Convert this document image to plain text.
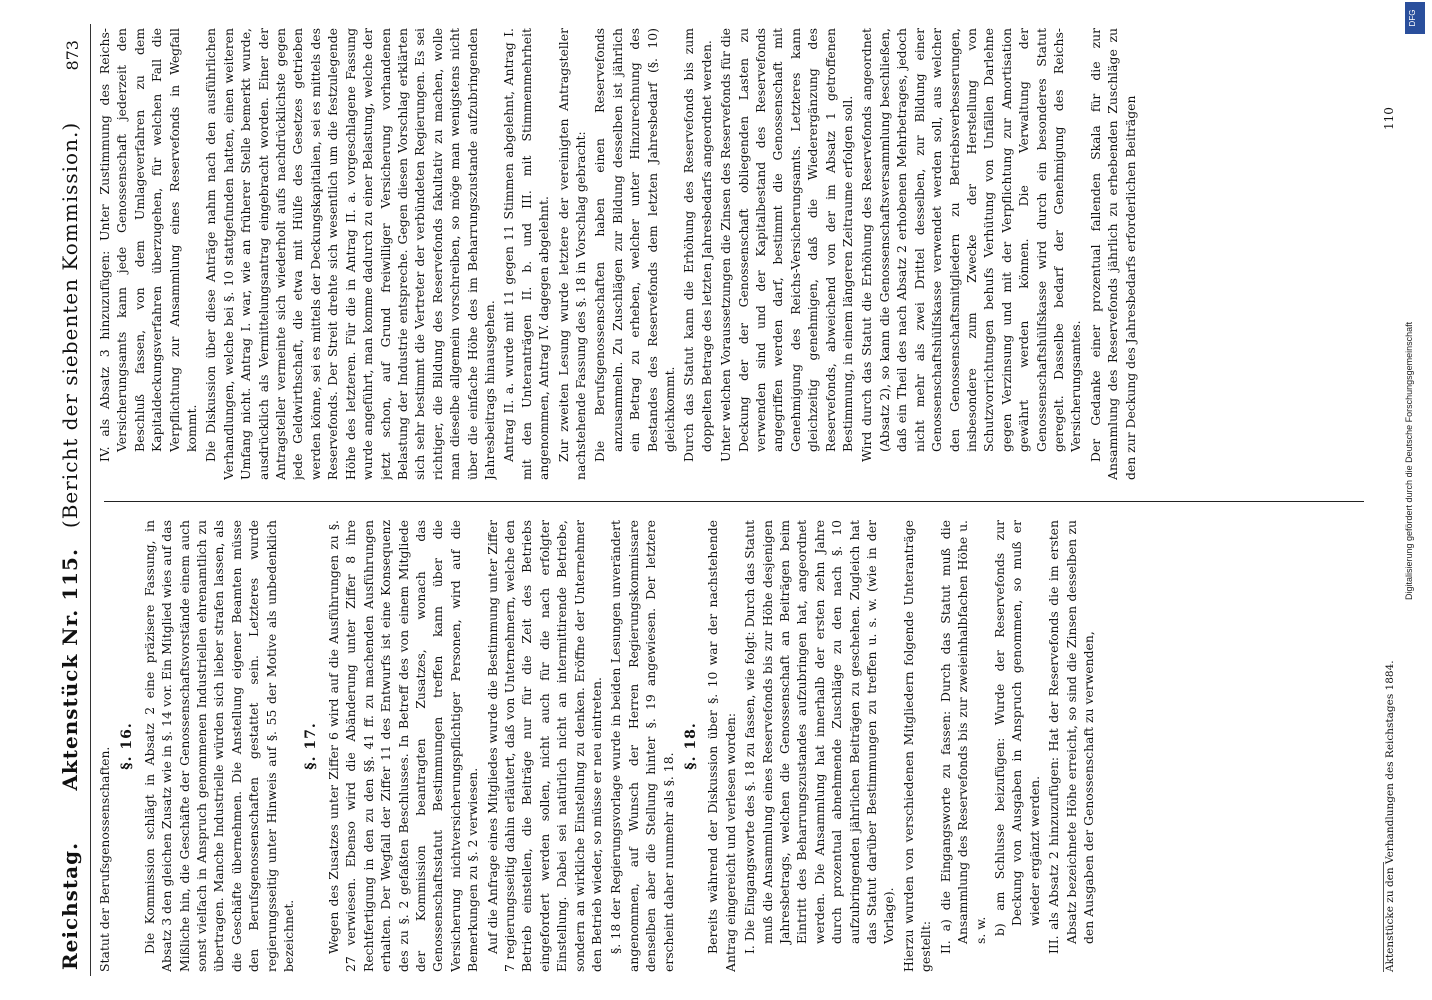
Reichstag.
Aktenstück Nr. 115. (Bericht der siebenten Kommission.)
873

Statut der Berufsgenossenschaften.

§. 16. Die Kommission schlägt in Absatz 2 eine präzisere Fassung, in Absatz 3 den gleichen Zusatz wie in §. 14 vor. Ein Mitglied wies auf das Mißliche hin, die Geschäfte der Genossenschaftsvorstände einem auch sonst vielfach in Anspruch genommenen Industriellen ehrenamtlich zu übertragen. Manche Industrielle würden sich lieber strafen lassen, als die Geschäfte übernehmen. Die Anstellung eigener Beamten müsse den Berufsgenossenschaften gestattet sein. Letzteres wurde regierungsseitig unter Hinweis auf §. 55 der Motive als unbedenklich bezeichnet.

§. 17. Wegen des Zusatzes unter Ziffer 6 wird auf die Ausführungen zu §. 27 verwiesen. Ebenso wird die Abänderung unter Ziffer 8 ihre Rechtfertigung in den zu den §§. 41 ff. zu machenden Ausführungen erhalten. Der Wegfall der Ziffer 11 des Entwurfs ist eine Konsequenz des zu §. 2 gefaßten Beschlusses. In Betreff des von einem Mitgliede der Kommission beantragten Zusatzes, wonach das Genossenschaftsstatut Bestimmungen treffen kann über die Versicherung nichtversicherungspflichtiger Personen, wird auf die Bemerkungen zu §. 2 verwiesen. Auf die Anfrage eines Mitgliedes wurde die Bestimmung unter Ziffer 7 regierungsseitig dahin erläutert, daß von Unternehmern, welche den Betrieb einstellen, die Beiträge nur für die Zeit des Betriebs eingefordert werden sollen, nicht auch für die nach erfolgter Einstellung. Dabei sei natürlich nicht an intermittirende Betriebe, sondern an wirkliche Einstellung zu denken. Eröffne der Unternehmer den Betrieb wieder, so müsse er neu eintreten. §. 18 der Regierungsvorlage wurde in beiden Lesungen unverändert angenommen, auf Wunsch der Herren Regierungskommissare denselben aber die Stellung hinter §. 19 angewiesen. Der letztere erscheint daher nunmehr als §. 18.

§. 18. Bereits während der Diskussion über §. 10 war der nachstehende Antrag eingereicht und verlesen worden: I. Die Eingangsworte des §. 18 zu fassen, wie folgt: Durch das Statut muß die Ansammlung eines Reservefonds bis zur Höhe desjenigen Jahresbetrags, welchen die Genossenschaft an Beiträgen beim Eintritt des Beharrungszustandes aufzubringen hat, angeordnet werden. Die Ansammlung hat innerhalb der ersten zehn Jahre durch prozentual abnehmende Zuschläge zu den nach §. 10 aufzubringenden jährlichen Beiträgen zu geschehen. Zugleich hat das Statut darüber Bestimmungen zu treffen u. s. w. (wie in der Vorlage). Hierzu wurden von verschiedenen Mitgliedern folgende Unteranträge gestellt: II. a) die Eingangsworte zu fassen: Durch das Statut muß die Ansammlung des Reservefonds bis zur zweieinhalbfachen Höhe u. s. w. b) am Schlusse beizufügen: Wurde der Reservefonds zur Deckung von Ausgaben in Anspruch genommen, so muß er wieder ergänzt werden. III. als Absatz 2 hinzuzufügen: Hat der Reservefonds die im ersten Absatz bezeichnete Höhe erreicht, so sind die Zinsen desselben zu den Ausgaben der Genossenschaft zu verwenden,

IV. als Absatz 3 hinzuzufügen: Unter Zustimmung des Reichs-Versicherungsamts kann jede Genossenschaft jederzeit den Beschluß fassen, von dem Umlageverfahren zu dem Kapitaldeckungsverfahren überzugehen, für welchen Fall die Verpflichtung zur Ansammlung eines Reservefonds in Wegfall kommt. Die Diskussion über diese Anträge nahm nach den ausführlichen Verhandlungen, welche bei §. 10 stattgefunden hatten, einen weiteren Umfang nicht. Antrag I. war, wie an früherer Stelle bemerkt wurde, ausdrücklich als Vermittelungsantrag eingebracht worden. Einer der Antragsteller vermeinte sich wiederholt aufs nachdrücklichste gegen jede Geldwirthschaft, die etwa mit Hülfe des Gesetzes getrieben werden könne, sei es mittels der Deckungskapitalien, sei es mittels des Reservefonds. Der Streit drehte sich wesentlich um die festzulegende Höhe des letzteren. Für die in Antrag II. a. vorgeschlagene Fassung wurde angeführt, man komme dadurch zu einer Belastung, welche der jetzt schon, auf Grund freiwilliger Versicherung vorhandenen Belastung der Industrie entspreche. Gegen diesen Vorschlag erklärten sich sehr bestimmt die Vertreter der verbündeten Regierungen. Es sei richtiger, die Bildung des Reservefonds fakultativ zu machen, wolle man dieselbe allgemein vorschreiben, so möge man wenigstens nicht über die einfache Höhe des im Beharrungszustande aufzubringenden Jahresbeitrags hinausgehen. Antrag II. a. wurde mit 11 gegen 11 Stimmen abgelehnt, Antrag I. mit den Unteranträgen II. b. und III. mit Stimmenmehrheit angenommen, Antrag IV. dagegen abgelehnt. Zur zweiten Lesung wurde letztere der vereinigten Antragsteller nachstehende Fassung des §. 18 in Vorschlag gebracht: Die Berufsgenossenschaften haben einen Reservefonds anzusammeln. Zu Zuschlägen zur Bildung desselben ist jährlich ein Betrag zu erheben, welcher unter Hinzurechnung des Bestandes des Reservefonds dem letzten Jahresbedarf (§. 10) gleichkommt. Durch das Statut kann die Erhöhung des Reservefonds bis zum doppelten Betrage des letzten Jahresbedarfs angeordnet werden. Unter welchen Voraussetzungen die Zinsen des Reservefonds für die Deckung der der Genossenschaft obliegenden Lasten zu verwenden sind und der Kapitalbestand des Reservefonds angegriffen werden darf, bestimmt die Genossenschaft mit Genehmigung des Reichs-Versicherungsamts. Letzteres kann gleichzeitig genehmigen, daß die Wiederergänzung des Reservefonds, abweichend von der im Absatz 1 getroffenen Bestimmung, in einem längeren Zeitraume erfolgen soll. Wird durch das Statut die Erhöhung des Reservefonds angeordnet (Absatz 2), so kann die Genossenschaftsversammlung beschließen, daß ein Theil des nach Absatz 2 erhobenen Mehrbetrages, jedoch nicht mehr als zwei Drittel desselben, zur Bildung einer Genossenschaftshülfskasse verwendet werden soll, aus welcher den Genossenschaftsmitgliedern zu Betriebsverbesserungen, insbesondere zum Zwecke der Herstellung von Schutzvorrichtungen behufs Verhütung von Unfällen Darlehne gegen Verzinsung und mit der Verpflichtung zur Amortisation gewährt werden können. Die Verwaltung der Genossenschaftshülfskasse wird durch ein besonderes Statut geregelt. Dasselbe bedarf der Genehmigung des Reichs-Versicherungsamtes. Der Gedanke einer prozentual fallenden Skala für die zur Ansammlung des Reservefonds jährlich zu erhebenden Zuschläge zu den zur Deckung des Jahresbedarfs erforderlichen Beiträgen

Aktenstücke zu den Verhandlungen des Reichstages 1884.
110
DFG
Digitalisierung gefördert durch die Deutsche Forschungsgemeinschaft
